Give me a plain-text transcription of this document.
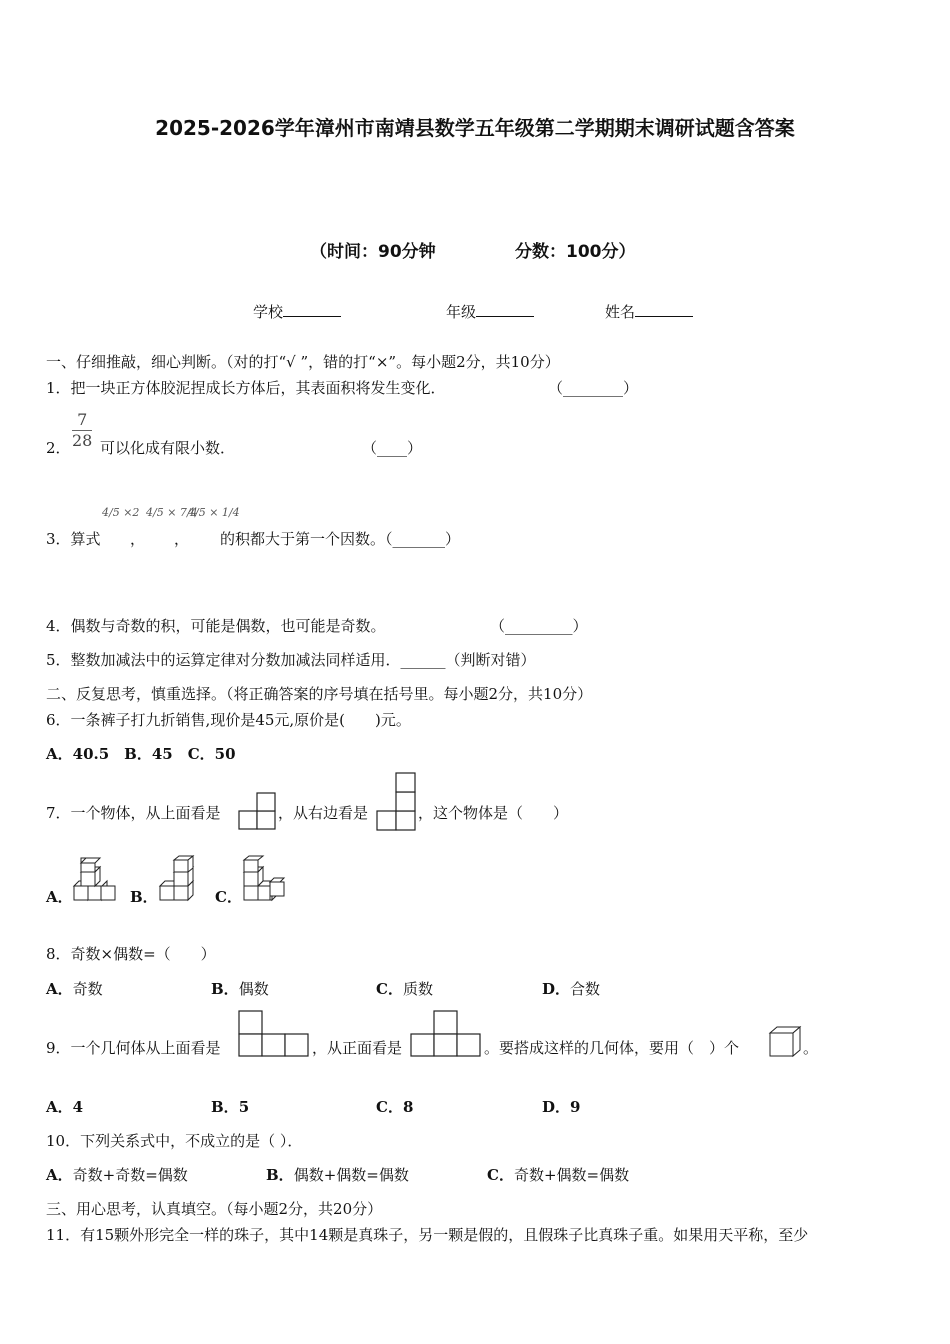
2025-2026学年漳州市南靖县数学五年级第二学期期末调研试题含答案
（时间：90分钟	分数：100分）
学校	年级	姓名
一、仔细推敲，细心判断。（对的打“√ ”，错的打“×”。每小题2分，共10分）
1．把一块正方体胶泥捏成长方体后，其表面积将发生变化．	（________）
2． $\frac{7}{28}$ 可以化成有限小数．	（____）
3．算式
4/5 ×2
，
4/5 × 7/4
，
4/5 × 1/4
的积都大于第一个因数。（_______）
4．偶数与奇数的积，可能是偶数，也可能是奇数。	（_________）
5．整数加减法中的运算定律对分数加减法同样适用．______（判断对错）
二、反复思考，慎重选择。（将正确答案的序号填在括号里。每小题2分，共10分）
6．一条裤子打九折销售,现价是45元,原价是(　　)元。
A．40.5　B．45　C．50
7．一个物体，从上面看是	，从右边看是	，这个物体是（　　）
A．	B．	C．
8．奇数×偶数=（　　）
A．奇数	B．偶数	C．质数	D．合数
9．一个几何体从上面看是	，从正面看是	。要搭成这样的几何体，要用（　）个	。
A．4	B．5	C．8	D．9
10．下列关系式中，不成立的是（ ）．
A．奇数+奇数=偶数	B．偶数+偶数=偶数	C．奇数+偶数=偶数
三、用心思考，认真填空。（每小题2分，共20分）
11．有15颗外形完全一样的珠子，其中14颗是真珠子，另一颗是假的，且假珠子比真珠子重。如果用天平称，至少
